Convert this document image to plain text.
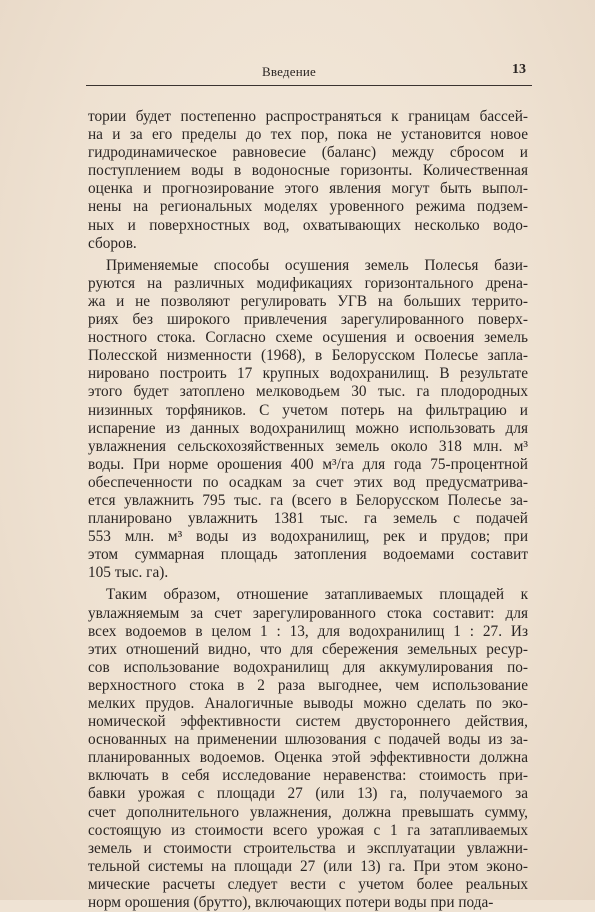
Введение	13
тории будет постепенно распространяться к границам бассей-
на и за его пределы до тех пор, пока не установится новое
гидродинамическое равновесие (баланс) между сбросом и
поступлением воды в водоносные горизонты. Количественная
оценка и прогнозирование этого явления могут быть выпол-
нены на региональных моделях уровенного режима подзем-
ных и поверхностных вод, охватывающих несколько водо-
сборов.
Применяемые способы осушения земель Полесья бази-
руются на различных модификациях горизонтального дрена-
жа и не позволяют регулировать УГВ на больших террито-
риях без широкого привлечения зарегулированного поверх-
ностного стока. Согласно схеме осушения и освоения земель
Полесской низменности (1968), в Белорусском Полесье запла-
нировано построить 17 крупных водохранилищ. В результате
этого будет затоплено мелководьем 30 тыс. га плодородных
низинных торфяников. С учетом потерь на фильтрацию и
испарение из данных водохранилищ можно использовать для
увлажнения сельскохозяйственных земель около 318 млн. м³
воды. При норме орошения 400 м³/га для года 75-процентной
обеспеченности по осадкам за счет этих вод предусматрива-
ется увлажнить 795 тыс. га (всего в Белорусском Полесье за-
планировано увлажнить 1381 тыс. га земель с подачей
553 млн. м³ воды из водохранилищ, рек и прудов; при
этом суммарная площадь затопления водоемами составит
105 тыс. га).
Таким образом, отношение затапливаемых площадей к
увлажняемым за счет зарегулированного стока составит: для
всех водоемов в целом 1 : 13, для водохранилищ 1 : 27. Из
этих отношений видно, что для сбережения земельных ресур-
сов использование водохранилищ для аккумулирования по-
верхностного стока в 2 раза выгоднее, чем использование
мелких прудов. Аналогичные выводы можно сделать по эко-
номической эффективности систем двустороннего действия,
основанных на применении шлюзования с подачей воды из за-
планированных водоемов. Оценка этой эффективности должна
включать в себя исследование неравенства: стоимость при-
бавки урожая с площади 27 (или 13) га, получаемого за
счет дополнительного увлажнения, должна превышать сумму,
состоящую из стоимости всего урожая с 1 га затапливаемых
земель и стоимости строительства и эксплуатации увлажни-
тельной системы на площади 27 (или 13) га. При этом эконо-
мические расчеты следует вести с учетом более реальных
норм орошения (брутто), включающих потери воды при пода-
